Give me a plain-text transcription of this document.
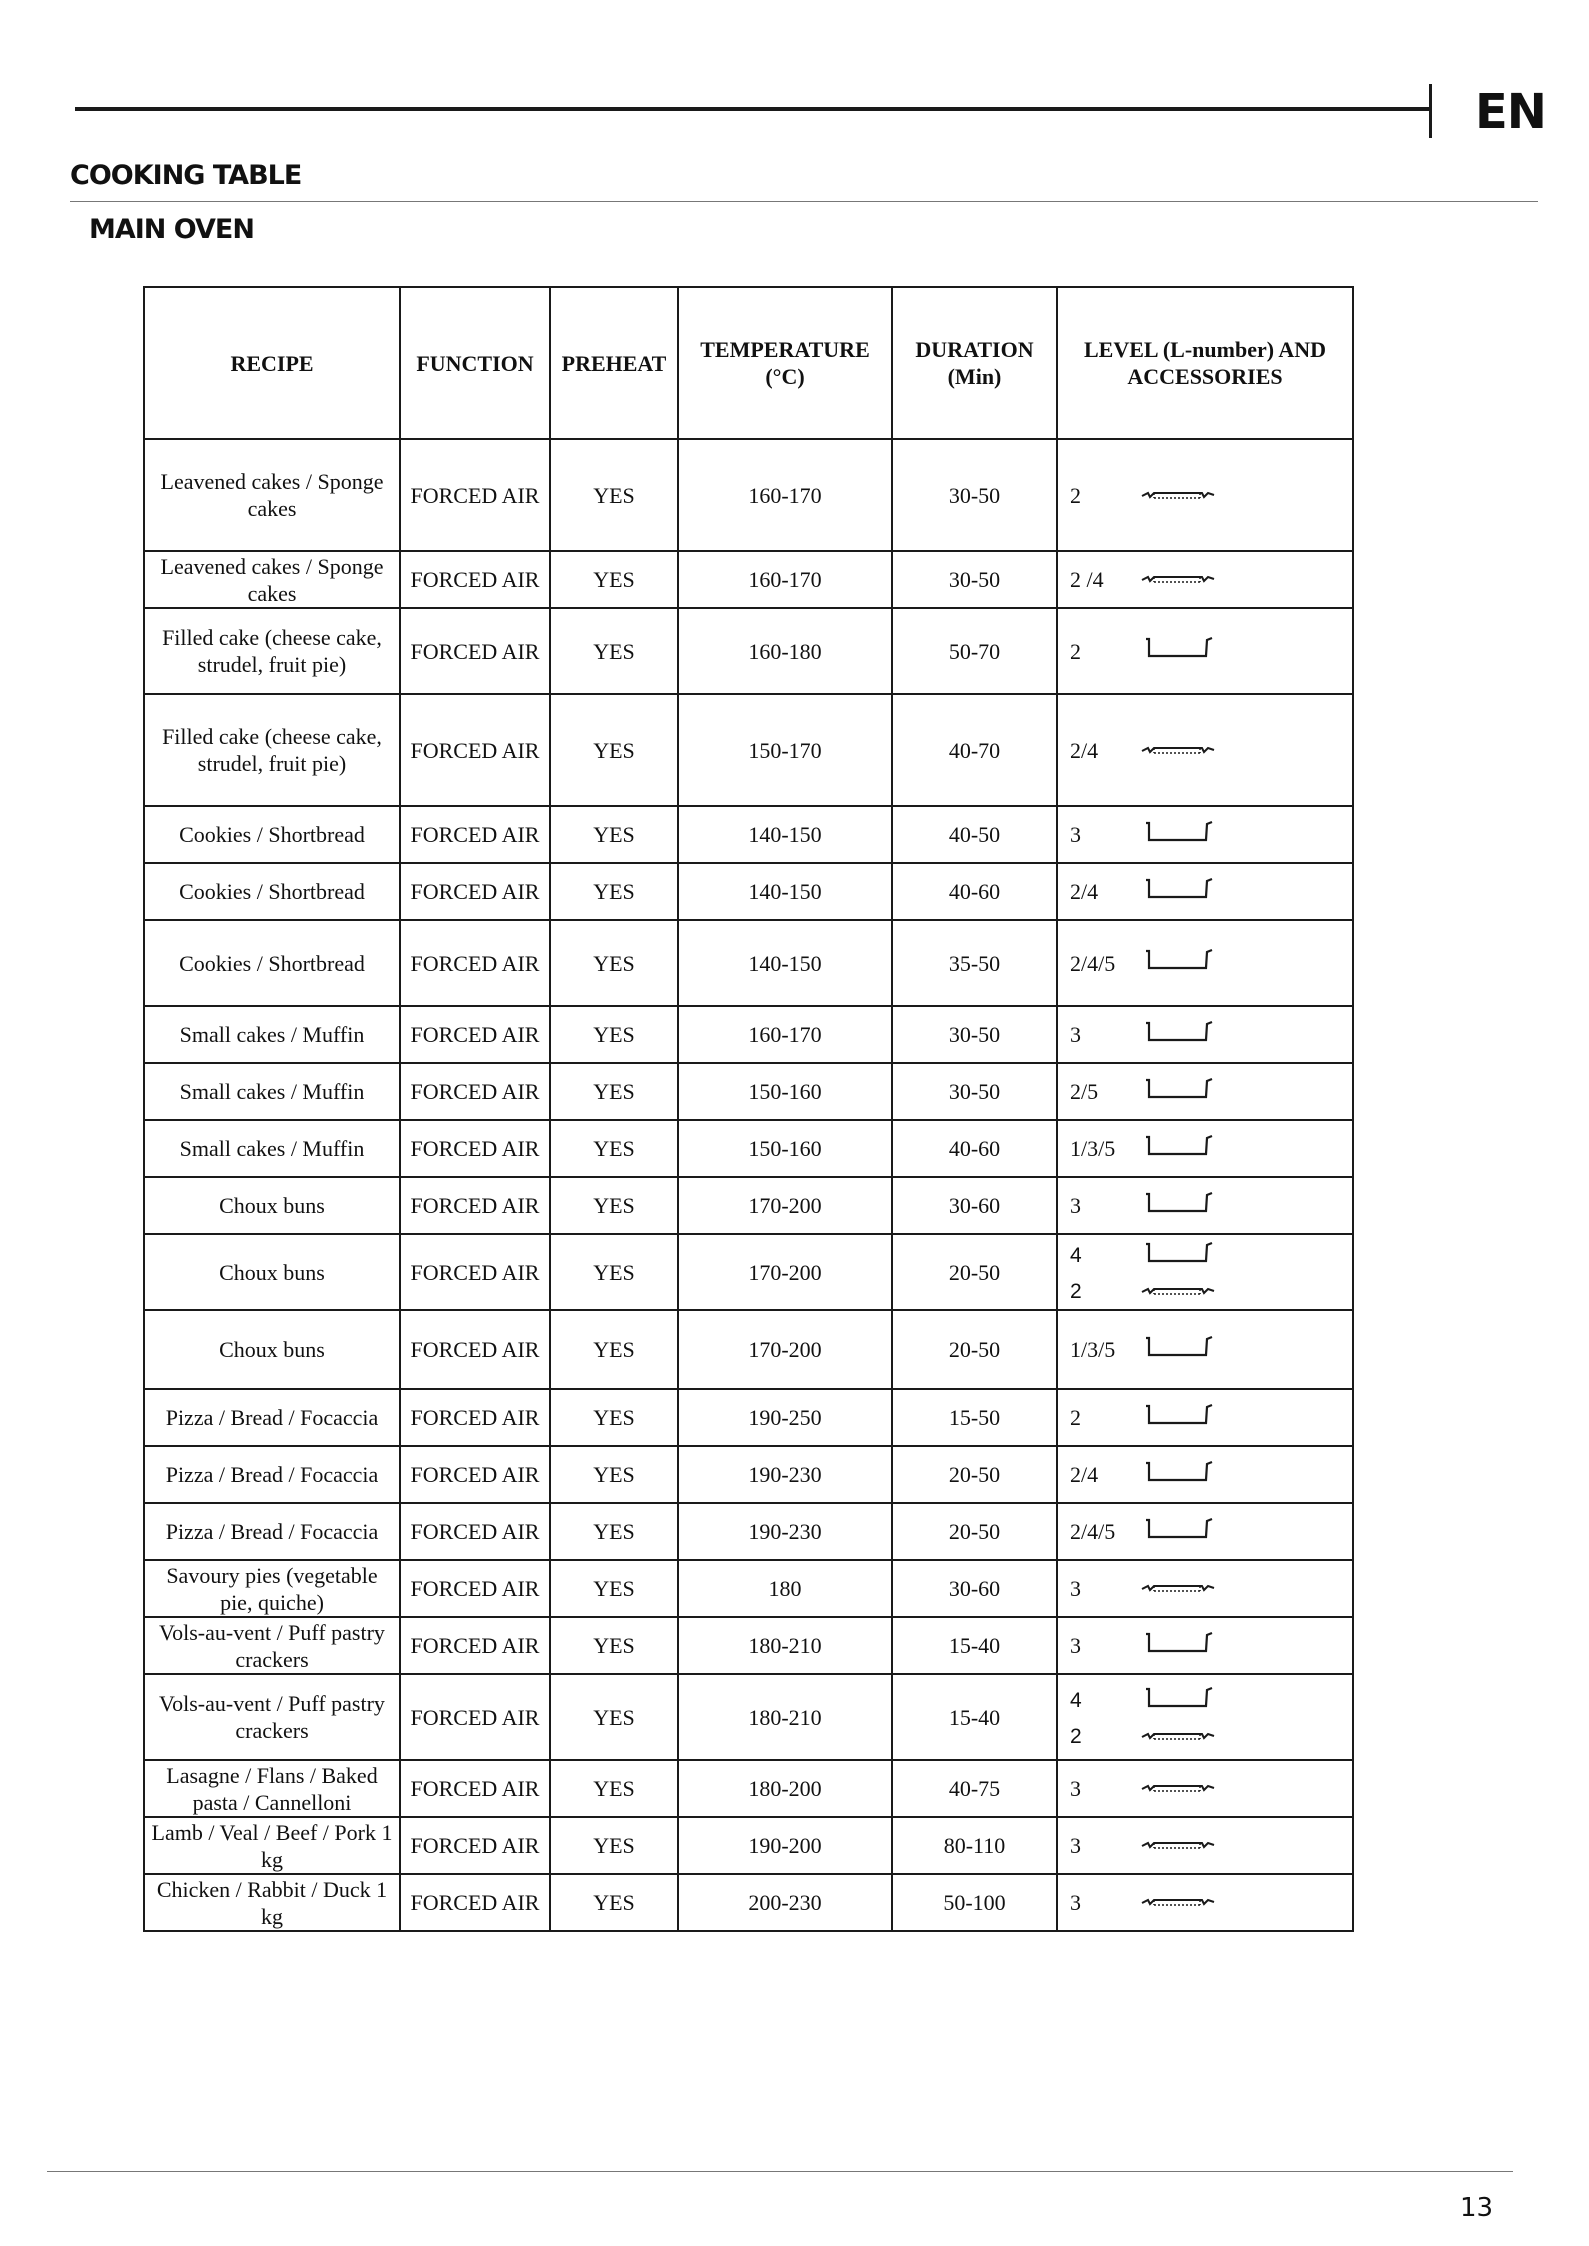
EN
COOKING TABLE
MAIN OVEN
RECIPE	FUNCTION	PREHEAT	TEMPERATURE (°C)	DURATION (Min)	LEVEL (L-number) AND ACCESSORIES
Leavened cakes / Sponge cakes	FORCED AIR	YES	160-170	30-50	2

Leavened cakes / Sponge cakes	FORCED AIR	YES	160-170	30-50	2 /4

Filled cake (cheese cake, strudel, fruit pie)	FORCED AIR	YES	160-180	50-70	2

Filled cake (cheese cake, strudel, fruit pie)	FORCED AIR	YES	150-170	40-70	2/4

Cookies / Shortbread	FORCED AIR	YES	140-150	40-50	3

Cookies / Shortbread	FORCED AIR	YES	140-150	40-60	2/4

Cookies / Shortbread	FORCED AIR	YES	140-150	35-50	2/4/5

Small cakes / Muffin	FORCED AIR	YES	160-170	30-50	3

Small cakes / Muffin	FORCED AIR	YES	150-160	30-50	2/5

Small cakes / Muffin	FORCED AIR	YES	150-160	40-60	1/3/5

Choux buns	FORCED AIR	YES	170-200	30-60	3

Choux buns	FORCED AIR	YES	170-200	20-50	4
2

Choux buns	FORCED AIR	YES	170-200	20-50	1/3/5

Pizza / Bread / Focaccia	FORCED AIR	YES	190-250	15-50	2

Pizza / Bread / Focaccia	FORCED AIR	YES	190-230	20-50	2/4

Pizza / Bread / Focaccia	FORCED AIR	YES	190-230	20-50	2/4/5

Savoury pies (vegetable pie, quiche)	FORCED AIR	YES	180	30-60	3

Vols-au-vent / Puff pastry crackers	FORCED AIR	YES	180-210	15-40	3

Vols-au-vent / Puff pastry crackers	FORCED AIR	YES	180-210	15-40	4
2

Lasagne / Flans / Baked pasta / Cannelloni	FORCED AIR	YES	180-200	40-75	3

Lamb / Veal / Beef / Pork 1 kg	FORCED AIR	YES	190-200	80-110	3

Chicken / Rabbit / Duck 1 kg	FORCED AIR	YES	200-230	50-100	3
13
